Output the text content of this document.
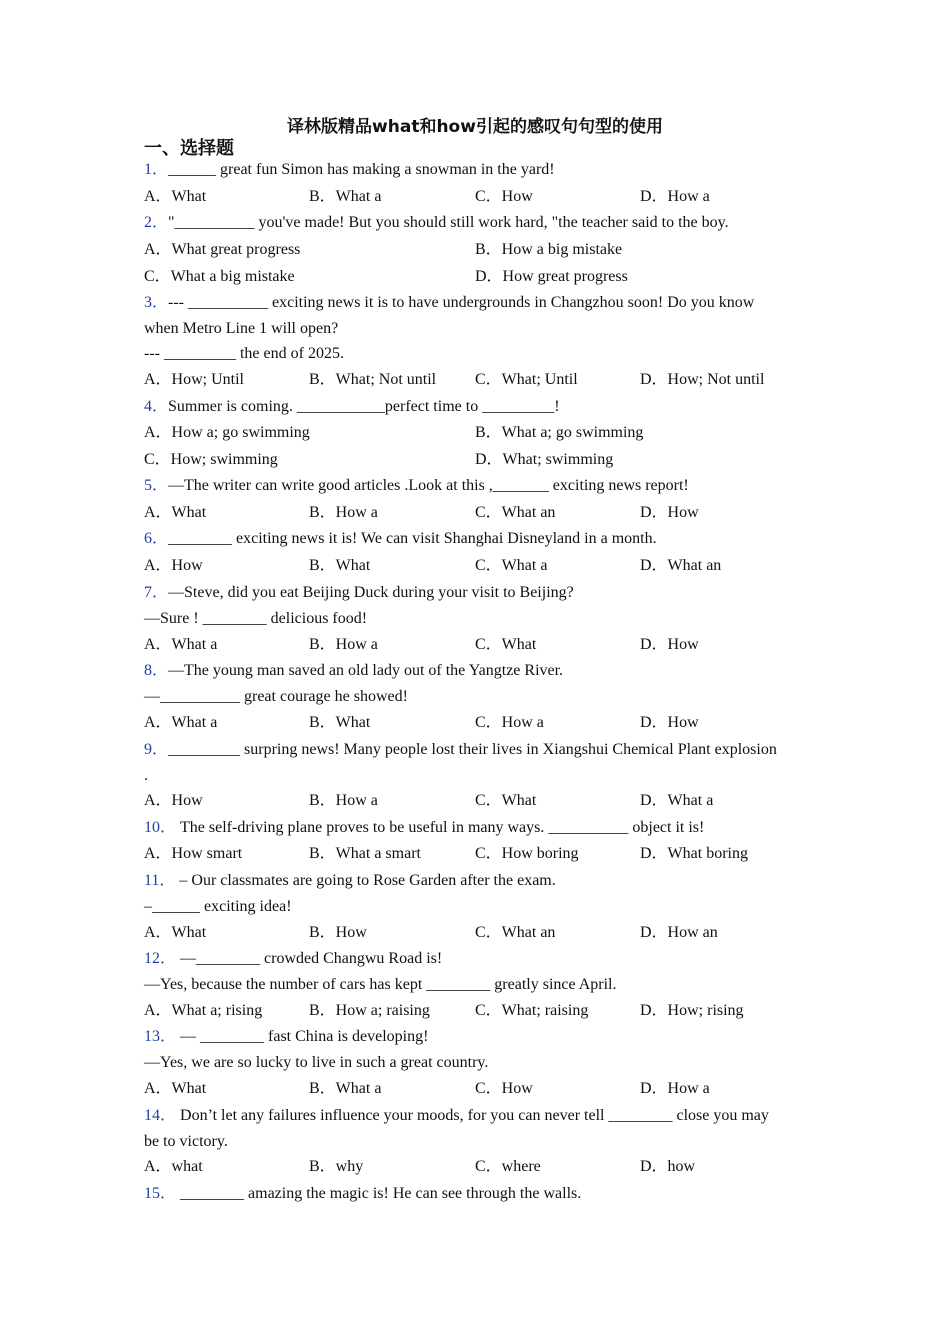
译林版精品what和how引起的感叹句句型的使用
一、选择题
1．______ great fun Simon has making a snowman in the yard!
A．What	B．What a	C．How	D．How a
2．"__________ you've made! But you should still work hard, "the teacher said to the boy.
A．What great progress	B．How a big mistake
C．What a big mistake	D．How great progress
3．--- __________ exciting news it is to have undergrounds in Changzhou soon! Do you know
when Metro Line 1 will open?
--- _________ the end of 2025.
A．How; Until	B．What; Not until C．What; Until	D．How; Not until
4．Summer is coming. ___________perfect time to _________!
A．How a; go swimming	B．What a; go swimming
C．How; swimming	D．What; swimming
5．—The writer can write good articles .Look at this ,_______ exciting news report!
A．What	B．How a	C．What an	D．How
6．________ exciting news it is! We can visit Shanghai Disneyland in a month.
A．How	B．What	C．What a	D．What an
7．—Steve, did you eat Beijing Duck during your visit to Beijing?
—Sure ! ________ delicious food!
A．What a	B．How a	C．What	D．How
8．—The young man saved an old lady out of the Yangtze River.
—__________ great courage he showed!
A．What a	B．What	C．How a	D．How
9．_________ surpring news! Many people lost their lives in Xiangshui Chemical Plant explosion
.
A．How	B．How a	C．What	D．What a
10． The self-driving plane proves to be useful in many ways. __________ object it is!
A．How smart	B．What a smart	C．How boring	D．What boring
11． – Our classmates are going to Rose Garden after the exam.
–______ exciting idea!
A．What	B．How	C．What an	D．How an
12． —________ crowded Changwu Road is!
—Yes, because the number of cars has kept ________ greatly since April.
A．What a; rising	B．How a; raising	C．What; raising	D．How; rising
13． — ________ fast China is developing!
—Yes, we are so lucky to live in such a great country.
A．What	B．What a	C．How	D．How a
14． Don’t let any failures influence your moods, for you can never tell ________ close you may
be to victory.
A．what	B．why	C．where	D．how
15． ________ amazing the magic is! He can see through the walls.
